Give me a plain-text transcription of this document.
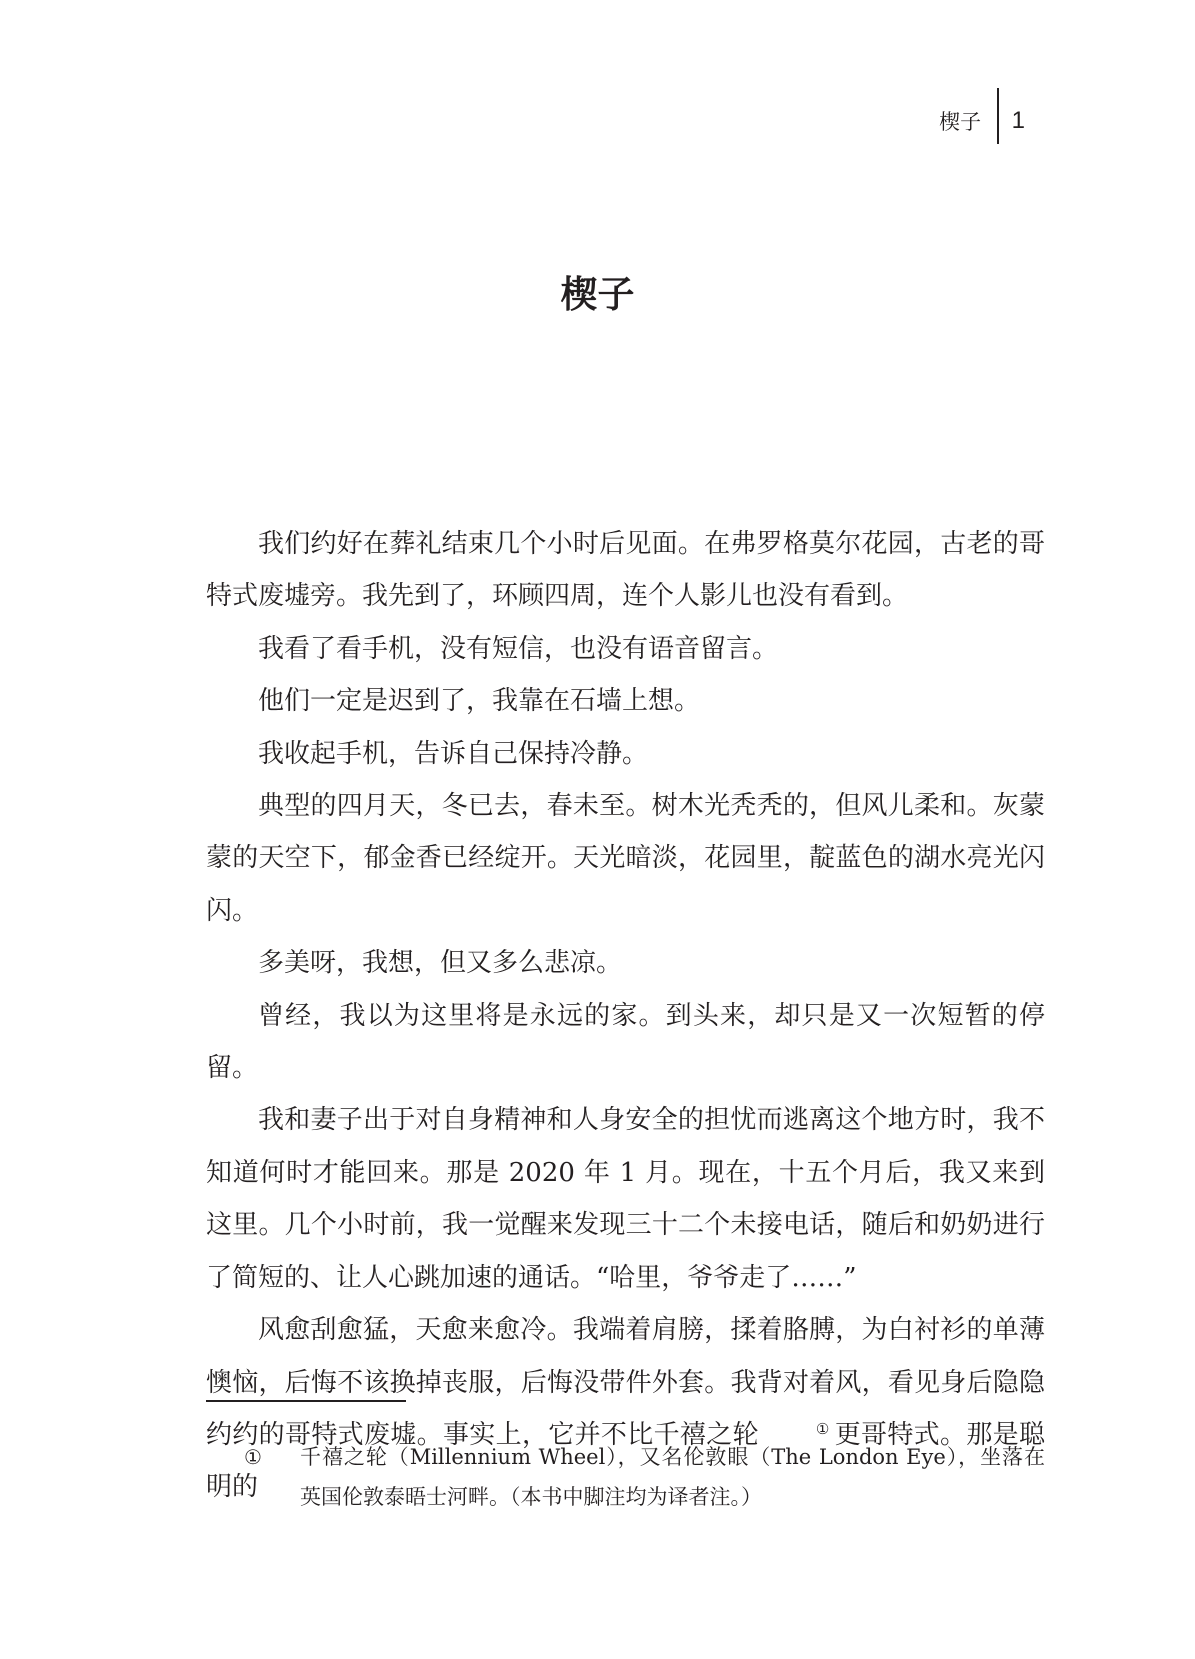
楔子	1
楔子

我们约好在葬礼结束几个小时后见面。在弗罗格莫尔花园，古老的哥特式废墟旁。我先到了，环顾四周，连个人影儿也没有看到。

我看了看手机，没有短信，也没有语音留言。

他们一定是迟到了，我靠在石墙上想。

我收起手机，告诉自己保持冷静。

典型的四月天，冬已去，春未至。树木光秃秃的，但风儿柔和。灰蒙蒙的天空下，郁金香已经绽开。天光暗淡，花园里，靛蓝色的湖水亮光闪闪。

多美呀，我想，但又多么悲凉。

曾经，我以为这里将是永远的家。到头来，却只是又一次短暂的停留。

我和妻子出于对自身精神和人身安全的担忧而逃离这个地方时，我不知道何时才能回来。那是 2020 年 1 月。现在，十五个月后，我又来到这里。几个小时前，我一觉醒来发现三十二个未接电话，随后和奶奶进行了简短的、让人心跳加速的通话。“哈里，爷爷走了……”

风愈刮愈猛，天愈来愈冷。我端着肩膀，揉着胳膊，为白衬衫的单薄懊恼，后悔不该换掉丧服，后悔没带件外套。我背对着风，看见身后隐隐约约的哥特式废墟。事实上，它并不比千禧之轮	① 更哥特式。那是聪明的

①	千禧之轮（Millennium Wheel），又名伦敦眼（The London Eye），坐落在英国伦敦泰晤士河畔。（本书中脚注均为译者注。）
